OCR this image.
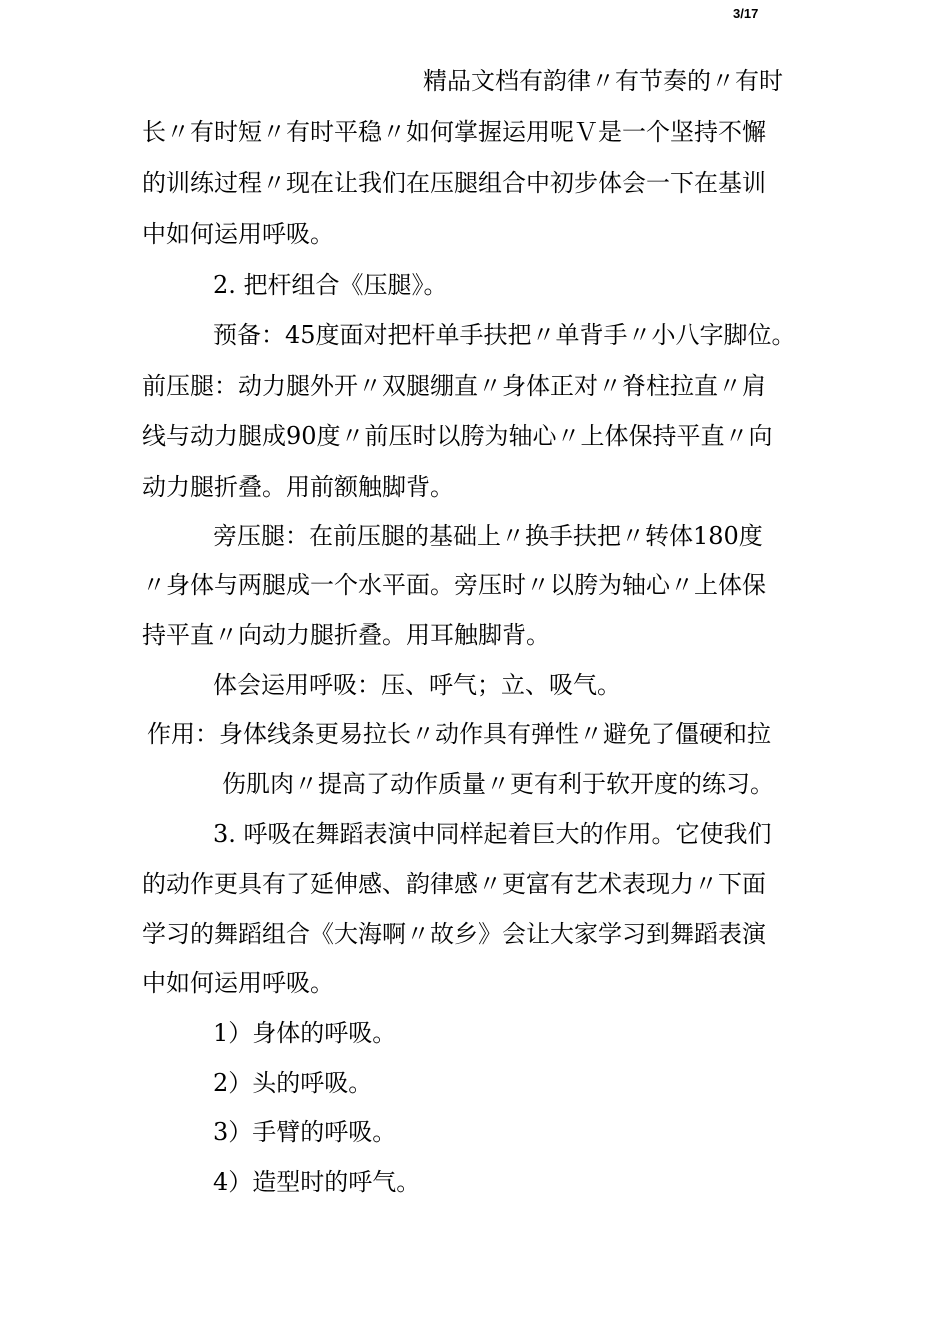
3/17
精品文档有韵律〃有节奏的〃有时
长〃有时短〃有时平稳〃如何掌握运用呢Ｖ是一个坚持不懈
的训练过程〃现在让我们在压腿组合中初步体会一下在基训
中如何运用呼吸。
2. 把杆组合《压腿》。
预备：45度面对把杆单手扶把〃单背手〃小八字脚位。
前压腿：动力腿外开〃双腿绷直〃身体正对〃脊柱拉直〃肩
线与动力腿成90度〃前压时以胯为轴心〃上体保持平直〃向
动力腿折叠。用前额触脚背。
旁压腿：在前压腿的基础上〃换手扶把〃转体180度
〃身体与两腿成一个水平面。旁压时〃以胯为轴心〃上体保
持平直〃向动力腿折叠。用耳触脚背。
体会运用呼吸：压、呼气；立、吸气。
作用：身体线条更易拉长〃动作具有弹性〃避免了僵硬和拉
伤肌肉〃提高了动作质量〃更有利于软开度的练习。
3. 呼吸在舞蹈表演中同样起着巨大的作用。它使我们
的动作更具有了延伸感、韵律感〃更富有艺术表现力〃下面
学习的舞蹈组合《大海啊〃故乡》会让大家学习到舞蹈表演
中如何运用呼吸。
1）身体的呼吸。
2）头的呼吸。
3）手臂的呼吸。
4）造型时的呼气。
